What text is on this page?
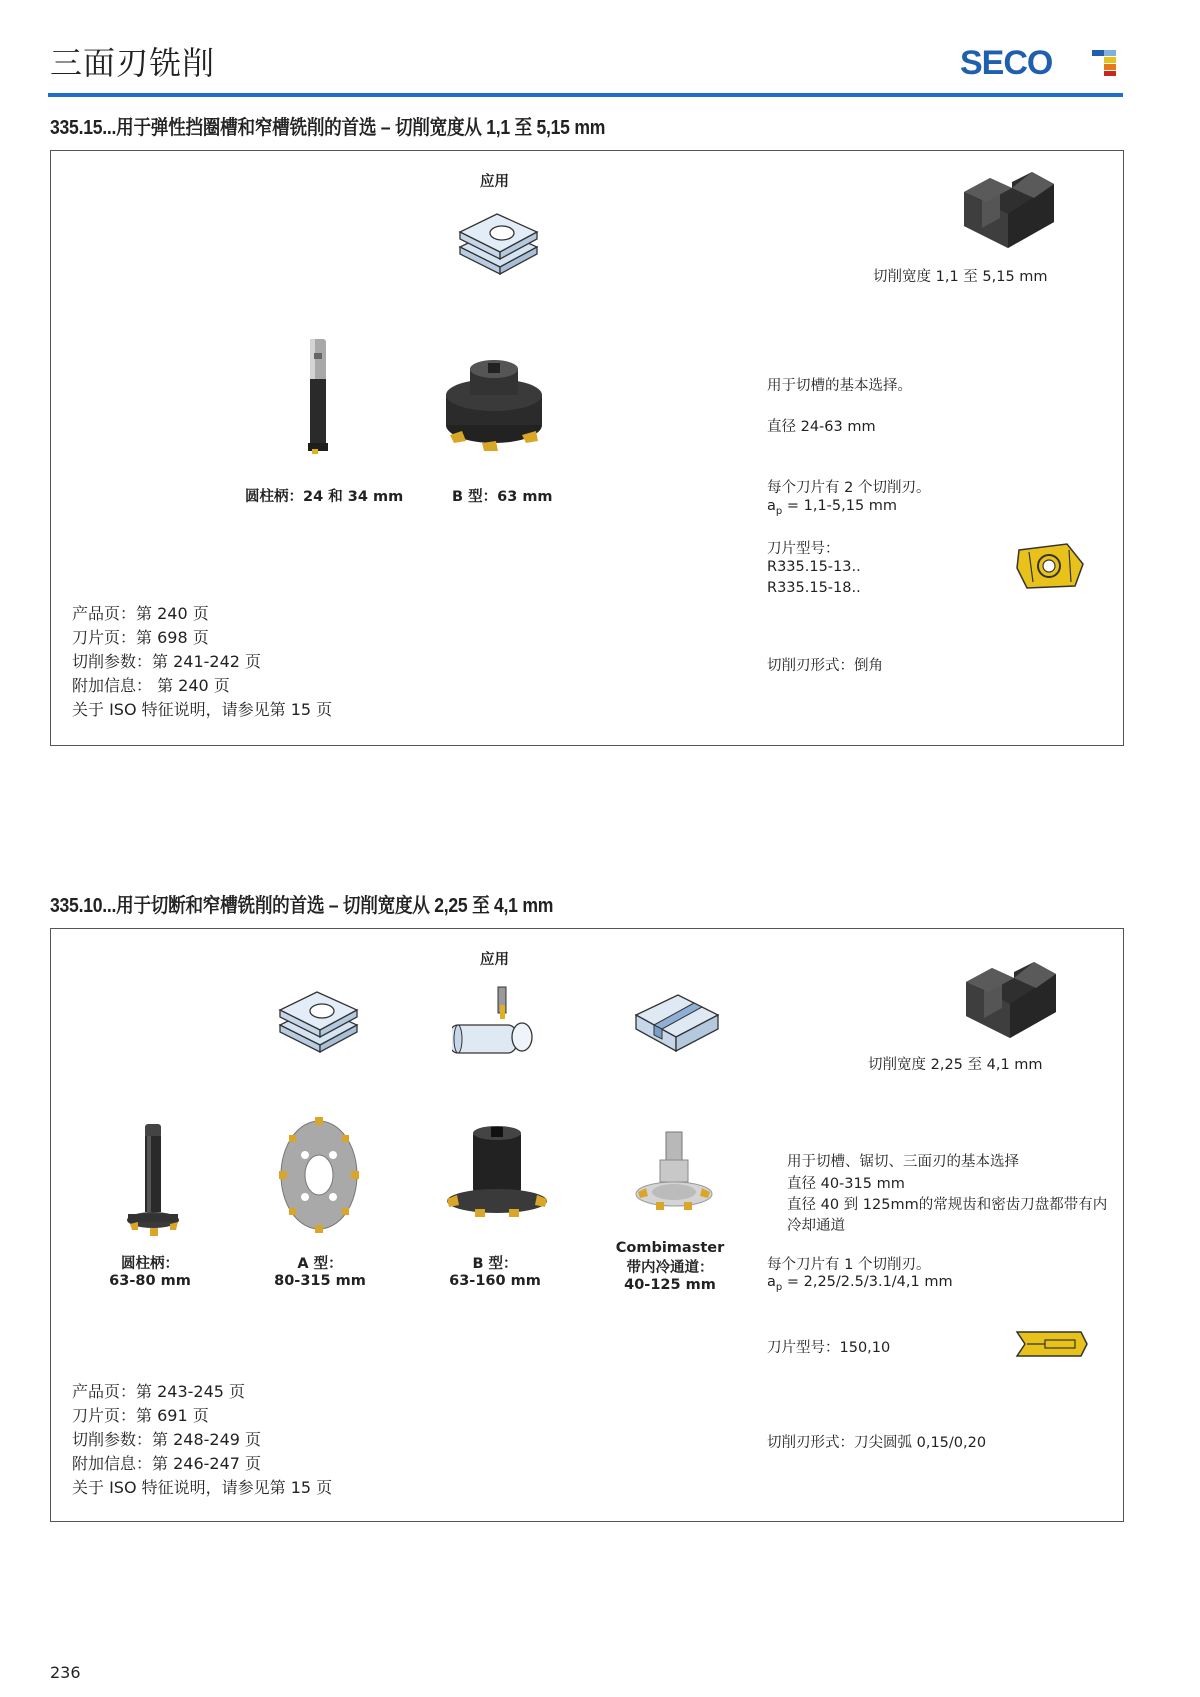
三面刃铣削	SECO
335.15...用于弹性挡圈槽和窄槽铣削的首选 – 切削宽度从 1,1 至 5,15 mm
应用
切削宽度 1,1 至 5,15 mm
圆柱柄：24 和 34 mm	B 型：63 mm
用于切槽的基本选择。
直径 24-63 mm
每个刀片有 2 个切削刃。
$a_p = 1,1-5,15$ mm
刀片型号：
R335.15-13..
R335.15-18..
切削刃形式：倒角
产品页：第 240 页
刀片页：第 698 页
切削参数：第 241-242 页
附加信息： 第 240 页
关于 ISO 特征说明，请参见第 15 页
335.10...用于切断和窄槽铣削的首选 – 切削宽度从 2,25 至 4,1 mm
应用
切削宽度 2,25 至 4,1 mm
圆柱柄：
63-80 mm
A 型：
80-315 mm
B 型：
63-160 mm
Combimaster
带内冷通道：
40-125 mm
用于切槽、锯切、三面刃的基本选择
直径 40-315 mm
直径 40 到 125mm的常规齿和密齿刀盘都带有内
冷却通道
每个刀片有 1 个切削刃。
$a_p = 2,25/2.5/3.1/4,1$ mm
刀片型号：150,10
切削刃形式：刀尖圆弧 0,15/0,20
产品页：第 243-245 页
刀片页：第 691 页
切削参数：第 248-249 页
附加信息：第 246-247 页
关于 ISO 特征说明，请参见第 15 页
236
